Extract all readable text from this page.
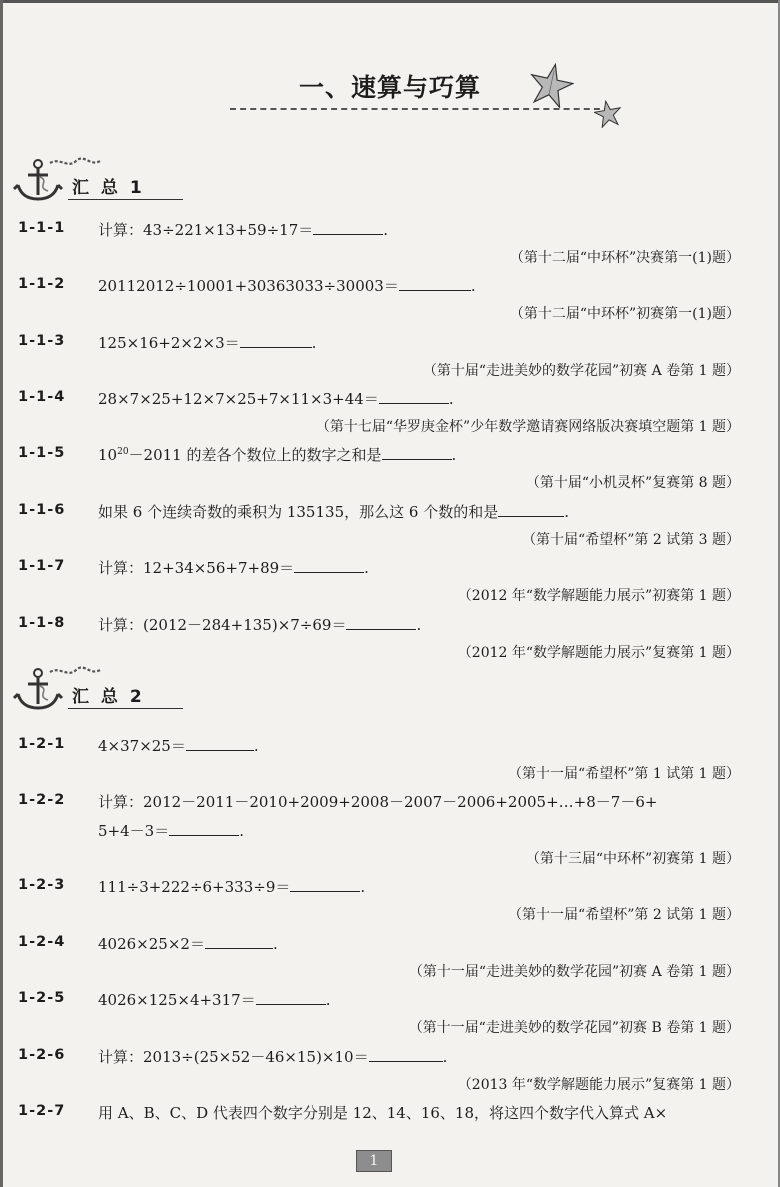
一、速算与巧算
汇 总 1
1-1-1 计算：43÷221×13+59÷17＝	.
（第十二届“中环杯”决赛第一(1)题）
1-1-2 20112012÷10001+30363033÷30003＝	.
（第十二届“中环杯”初赛第一(1)题）
1-1-3 125×16+2×2×3＝	.
（第十届“走进美妙的数学花园”初赛 A 卷第 1 题）
1-1-4 28×7×25+12×7×25+7×11×3+44＝	.
（第十七届“华罗庚金杯”少年数学邀请赛网络版决赛填空题第 1 题）
1-1-5 $10^{20}-2011$ 的差各个数位上的数字之和是	.
（第十届“小机灵杯”复赛第 8 题）
1-1-6 如果 6 个连续奇数的乘积为 135135，那么这 6 个数的和是	.
（第十届“希望杯”第 2 试第 3 题）
1-1-7 计算：12+34×56+7+89＝	.
（2012 年“数学解题能力展示”初赛第 1 题）
1-1-8 计算：(2012－284+135)×7÷69＝	.
（2012 年“数学解题能力展示”复赛第 1 题）
汇 总 2
1-2-1 4×37×25＝	.
（第十一届“希望杯”第 1 试第 1 题）
1-2-2 计算：2012－2011－2010+2009+2008－2007－2006+2005+…+8－7－6+
5+4－3＝	.
（第十三届“中环杯”初赛第 1 题）
1-2-3 111÷3+222÷6+333÷9＝	.
（第十一届“希望杯”第 2 试第 1 题）
1-2-4 4026×25×2＝	.
（第十一届“走进美妙的数学花园”初赛 A 卷第 1 题）
1-2-5 4026×125×4+317＝	.
（第十一届“走进美妙的数学花园”初赛 B 卷第 1 题）
1-2-6 计算：2013÷(25×52－46×15)×10＝	.
（2013 年“数学解题能力展示”复赛第 1 题）
1-2-7 用 A、B、C、D 代表四个数字分别是 12、14、16、18，将这四个数字代入算式 A×
1
